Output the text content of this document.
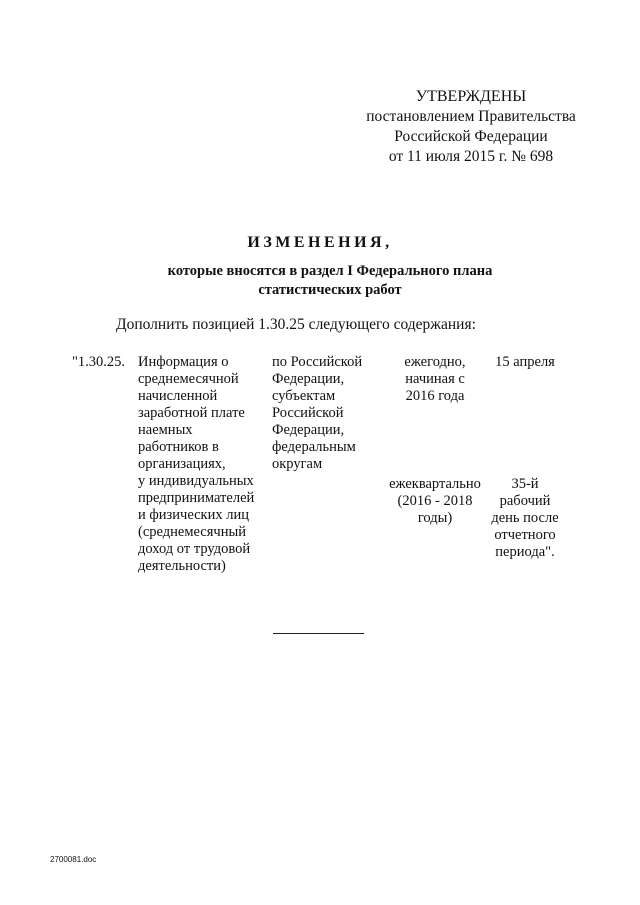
УТВЕРЖДЕНЫ
постановлением Правительства
Российской Федерации
от 11 июля 2015 г. № 698
ИЗМЕНЕНИЯ,
которые вносятся в раздел I Федерального плана
статистических работ
Дополнить позицией 1.30.25 следующего содержания:
"1.30.25. Информация о
среднемесячной
начисленной
заработной плате
наемных
работников в
организациях,
у индивидуальных
предпринимателей
и физических лиц
(среднемесячный
доход от трудовой
деятельности)
по Российской
Федерации,
субъектам
Российской
Федерации,
федеральным
округам
ежегодно,
начиная с
2016 года
15 апреля
ежеквартально
(2016 - 2018
годы)
35-й
рабочий
день после
отчетного
периода".
2700081.doc
